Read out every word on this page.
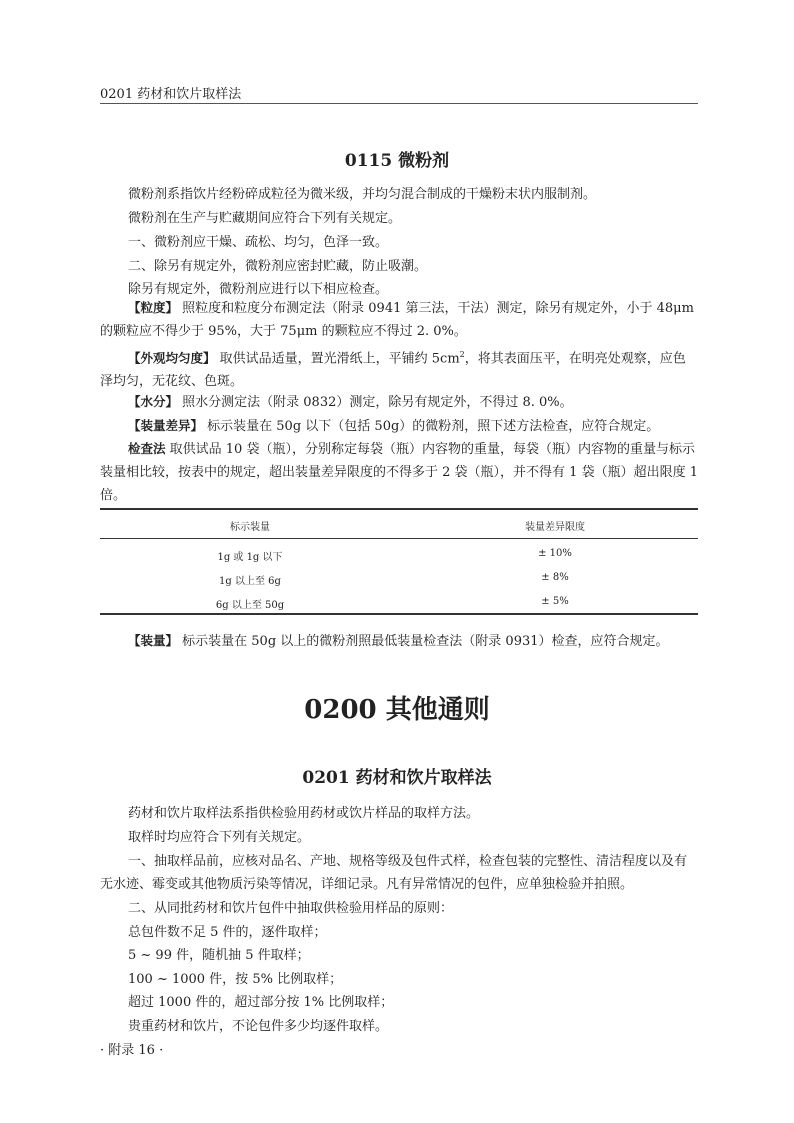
0201 药材和饮片取样法
0115 微粉剂

微粉剂系指饮片经粉碎成粒径为微米级，并均匀混合制成的干燥粉末状内服制剂。

微粉剂在生产与贮藏期间应符合下列有关规定。

一、微粉剂应干燥、疏松、均匀，色泽一致。

二、除另有规定外，微粉剂应密封贮藏，防止吸潮。

除另有规定外，微粉剂应进行以下相应检查。

【粒度】 照粒度和粒度分布测定法（附录 0941 第三法，干法）测定，除另有规定外，小于 48μm 的颗粒应不得少于 95%，大于 75μm 的颗粒应不得过 2. 0%。

【外观均匀度】 取供试品适量，置光滑纸上，平铺约 $5cm^2$，将其表面压平，在明亮处观察，应色泽均匀，无花纹、色斑。

【水分】 照水分测定法（附录 0832）测定，除另有规定外，不得过 8. 0%。

【装量差异】 标示装量在 50g 以下（包括 50g）的微粉剂，照下述方法检查，应符合规定。

检查法 取供试品 10 袋（瓶），分别称定每袋（瓶）内容物的重量，每袋（瓶）内容物的重量与标示装量相比较，按表中的规定，超出装量差异限度的不得多于 2 袋（瓶），并不得有 1 袋（瓶）超出限度 1 倍。

标示装量	装量差异限度
1g 或 1g 以下	± 10%
1g 以上至 6g	± 8%
6g 以上至 50g	± 5%

【装量】 标示装量在 50g 以上的微粉剂照最低装量检查法（附录 0931）检查，应符合规定。

0200 其他通则
0201 药材和饮片取样法

药材和饮片取样法系指供检验用药材或饮片样品的取样方法。

取样时均应符合下列有关规定。

一、抽取样品前，应核对品名、产地、规格等级及包件式样，检查包装的完整性、清洁程度以及有无水迹、霉变或其他物质污染等情况，详细记录。凡有异常情况的包件，应单独检验并拍照。

二、从同批药材和饮片包件中抽取供检验用样品的原则：

总包件数不足 5 件的，逐件取样；

5 ~ 99 件，随机抽 5 件取样；

100 ~ 1000 件，按 5% 比例取样；

超过 1000 件的，超过部分按 1% 比例取样；

贵重药材和饮片，不论包件多少均逐件取样。

· 附录 16 ·
